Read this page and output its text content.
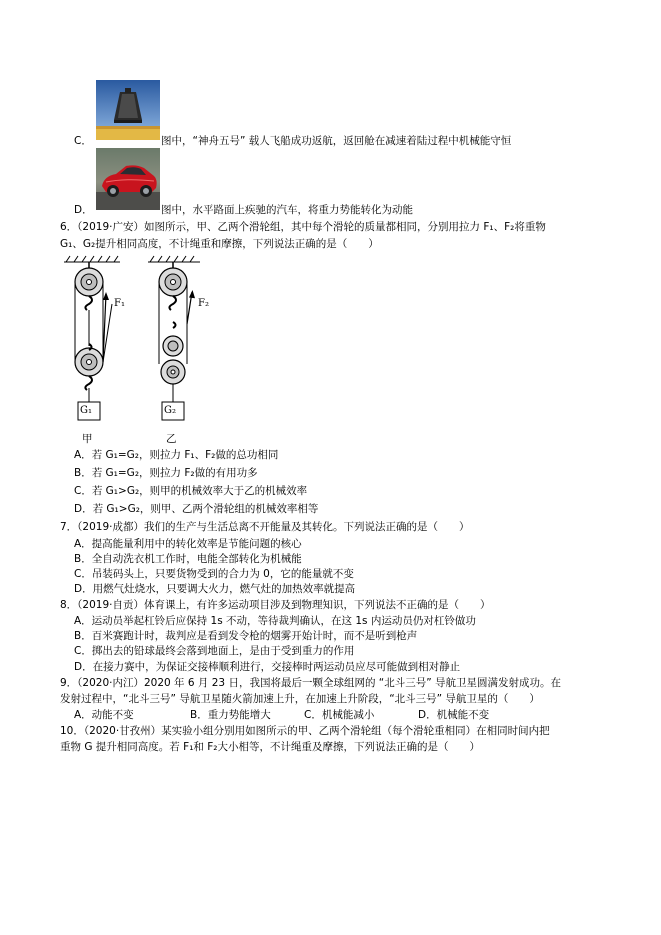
C．	图中，“神舟五号” 载人飞船成功返航，返回舱在减速着陆过程中机械能守恒
D．	图中，水平路面上疾驰的汽车，将重力势能转化为动能
6．（2019·广安）如图所示，甲、乙两个滑轮组，其中每个滑轮的质量都相同，分别用拉力 F₁、F₂将重物
G₁、G₂提升相同高度，不计绳重和摩擦，下列说法正确的是（　　）
F₁	F₂
G₁	G₂
甲	乙
A．若 G₁=G₂，则拉力 F₁、F₂做的总功相同
B．若 G₁=G₂，则拉力 F₂做的有用功多
C．若 G₁>G₂，则甲的机械效率大于乙的机械效率
D．若 G₁>G₂，则甲、乙两个滑轮组的机械效率相等
7．（2019·成都）我们的生产与生活总离不开能量及其转化。下列说法正确的是（　　）
A．提高能量利用中的转化效率是节能问题的核心
B．全自动洗衣机工作时，电能全部转化为机械能
C．吊装码头上，只要货物受到的合力为 0，它的能量就不变
D．用燃气灶烧水，只要调大火力，燃气灶的加热效率就提高
8．（2019·自贡）体育课上，有许多运动项目涉及到物理知识，下列说法不正确的是（　　）
A．运动员举起杠铃后应保持 1s 不动，等待裁判确认，在这 1s 内运动员仍对杠铃做功
B．百米赛跑计时，裁判应是看到发令枪的烟雾开始计时，而不是听到枪声
C．掷出去的铅球最终会落到地面上，是由于受到重力的作用
D．在接力赛中，为保证交接棒顺利进行，交接棒时两运动员应尽可能做到相对静止
9．（2020·内江）2020 年 6 月 23 日，我国将最后一颗全球组网的 “北斗三号” 导航卫星圆满发射成功。在
发射过程中，“北斗三号” 导航卫星随火箭加速上升，在加速上升阶段，“北斗三号” 导航卫星的（　　）
A．动能不变	B．重力势能增大	C．机械能减小	D．机械能不变
10．（2020·甘孜州）某实验小组分别用如图所示的甲、乙两个滑轮组（每个滑轮重相同）在相同时间内把
重物 G 提升相同高度。若 F₁和 F₂大小相等，不计绳重及摩擦，下列说法正确的是（　　）
